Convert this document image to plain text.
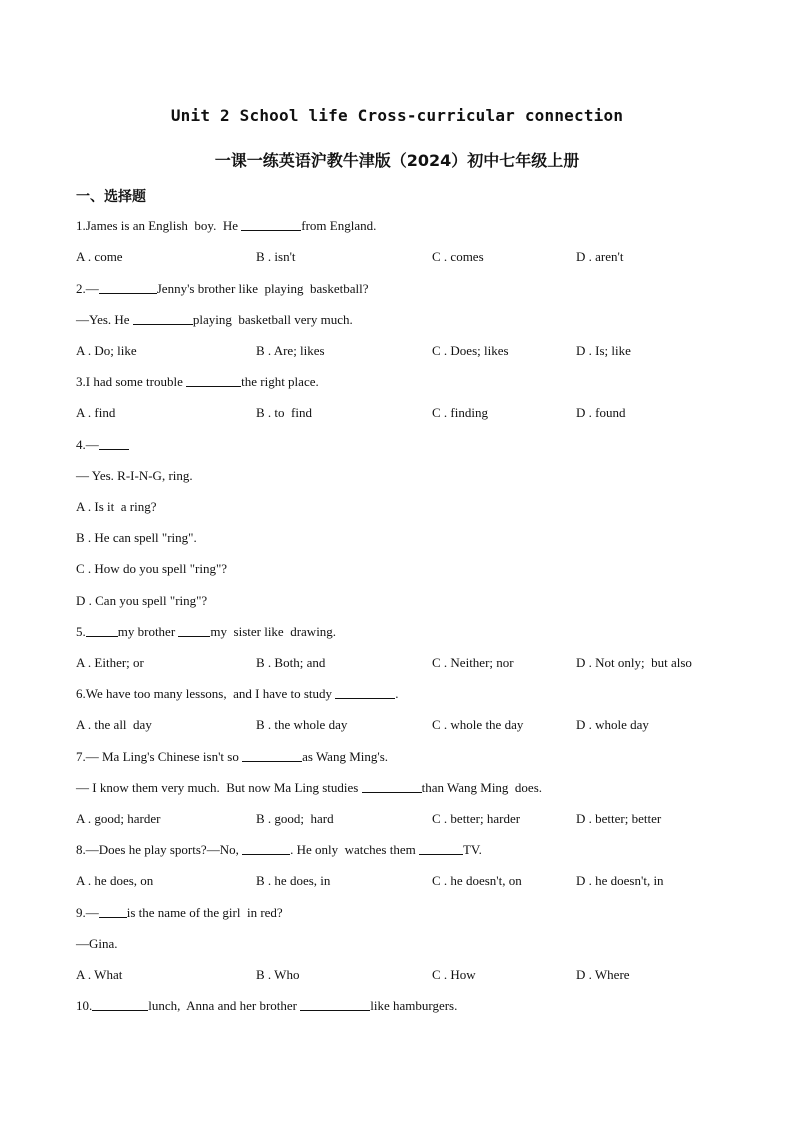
Unit 2 School life Cross-curricular connection
一课一练英语沪教牛津版（2024）初中七年级上册
一、选择题
1.James is an English  boy.  He	from England.
A . come	B . isn't	C . comes	D . aren't
2.—	Jenny's brother like  playing  basketball?
—Yes. He	playing  basketball very much.
A . Do; like	B . Are; likes	C . Does; likes	D . Is; like
3.I had some trouble	the right place.
A . find	B . to  find	C . finding	D . found
4.—
— Yes. R-I-N-G, ring.
A . Is it  a ring?
B . He can spell "ring".
C . How do you spell "ring"?
D . Can you spell "ring"?
5. my brother my  sister like  drawing.
A . Either; or	B . Both; and	C . Neither; nor	D . Not only;  but also
6.We have too many lessons,  and I have to study	.
A . the all  day	B . the whole day	C . whole the day	D . whole day
7.— Ma Ling's Chinese isn't so	as Wang Ming's.
— I know them very much.  But now Ma Ling studies	than Wang Ming  does.
A . good; harder	B . good;  hard	C . better; harder	D . better; better
8.—Does he play sports?—No,	. He only  watches them	TV.
A . he does, on	B . he does, in	C . he doesn't, on	D . he doesn't, in
9.— is the name of the girl  in red?
—Gina.
A . What	B . Who	C . How	D . Where
10.	lunch,  Anna and her brother	like hamburgers.
